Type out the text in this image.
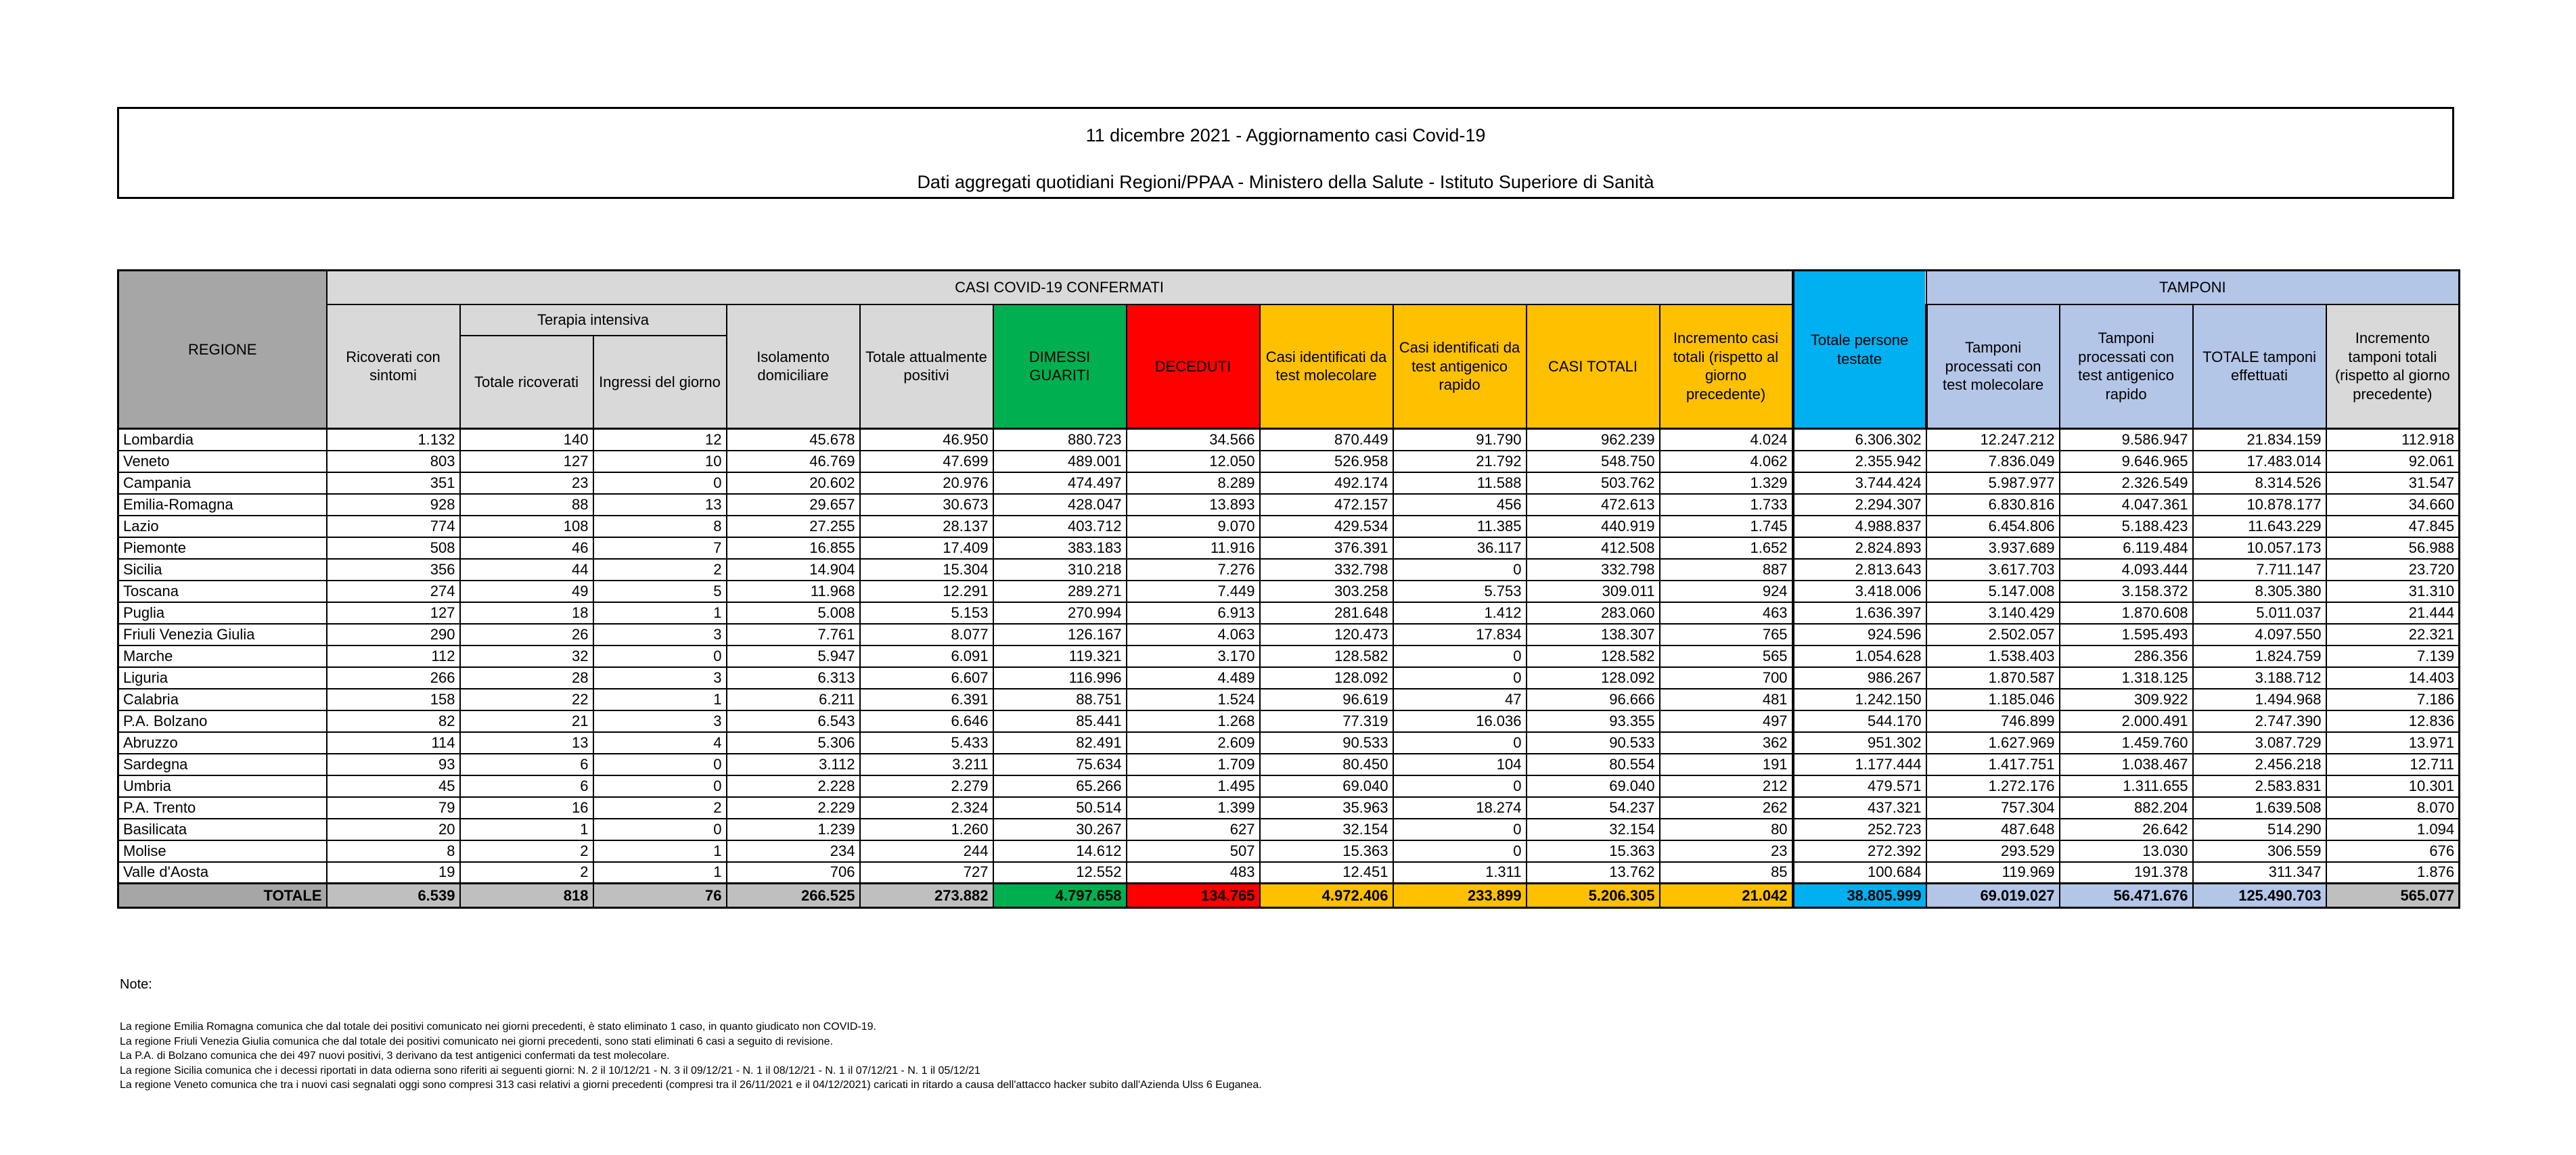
11 dicembre 2021 - Aggiornamento casi Covid-19
Dati aggregati quotidiani Regioni/PPAA - Ministero della Salute - Istituto Superiore di Sanità
REGIONE	CASI COVID-19 CONFERMATI											Totale persone testate	TAMPONI			
	Ricoverati con sintomi	Terapia intensiva		Isolamento domiciliare	Totale attualmente positivi	DIMESSI GUARITI	DECEDUTI	Casi identificati da test molecolare	Casi identificati da test antigenico rapido	CASI TOTALI	Incremento casi totali (rispetto al giorno precedente)		Tamponi processati con test molecolare	Tamponi processati con test antigenico rapido	TOTALE tamponi effettuati	Incremento tamponi totali (rispetto al giorno precedente)
		Totale ricoverati	Ingressi del giorno													
Lombardia	1.132	140	12	45.678	46.950	880.723	34.566	870.449	91.790	962.239	4.024	6.306.302	12.247.212	9.586.947	21.834.159	112.918
Veneto	803	127	10	46.769	47.699	489.001	12.050	526.958	21.792	548.750	4.062	2.355.942	7.836.049	9.646.965	17.483.014	92.061
Campania	351	23	0	20.602	20.976	474.497	8.289	492.174	11.588	503.762	1.329	3.744.424	5.987.977	2.326.549	8.314.526	31.547
Emilia-Romagna	928	88	13	29.657	30.673	428.047	13.893	472.157	456	472.613	1.733	2.294.307	6.830.816	4.047.361	10.878.177	34.660
Lazio	774	108	8	27.255	28.137	403.712	9.070	429.534	11.385	440.919	1.745	4.988.837	6.454.806	5.188.423	11.643.229	47.845
Piemonte	508	46	7	16.855	17.409	383.183	11.916	376.391	36.117	412.508	1.652	2.824.893	3.937.689	6.119.484	10.057.173	56.988
Sicilia	356	44	2	14.904	15.304	310.218	7.276	332.798	0	332.798	887	2.813.643	3.617.703	4.093.444	7.711.147	23.720
Toscana	274	49	5	11.968	12.291	289.271	7.449	303.258	5.753	309.011	924	3.418.006	5.147.008	3.158.372	8.305.380	31.310
Puglia	127	18	1	5.008	5.153	270.994	6.913	281.648	1.412	283.060	463	1.636.397	3.140.429	1.870.608	5.011.037	21.444
Friuli Venezia Giulia	290	26	3	7.761	8.077	126.167	4.063	120.473	17.834	138.307	765	924.596	2.502.057	1.595.493	4.097.550	22.321
Marche	112	32	0	5.947	6.091	119.321	3.170	128.582	0	128.582	565	1.054.628	1.538.403	286.356	1.824.759	7.139
Liguria	266	28	3	6.313	6.607	116.996	4.489	128.092	0	128.092	700	986.267	1.870.587	1.318.125	3.188.712	14.403
Calabria	158	22	1	6.211	6.391	88.751	1.524	96.619	47	96.666	481	1.242.150	1.185.046	309.922	1.494.968	7.186
P.A. Bolzano	82	21	3	6.543	6.646	85.441	1.268	77.319	16.036	93.355	497	544.170	746.899	2.000.491	2.747.390	12.836
Abruzzo	114	13	4	5.306	5.433	82.491	2.609	90.533	0	90.533	362	951.302	1.627.969	1.459.760	3.087.729	13.971
Sardegna	93	6	0	3.112	3.211	75.634	1.709	80.450	104	80.554	191	1.177.444	1.417.751	1.038.467	2.456.218	12.711
Umbria	45	6	0	2.228	2.279	65.266	1.495	69.040	0	69.040	212	479.571	1.272.176	1.311.655	2.583.831	10.301
P.A. Trento	79	16	2	2.229	2.324	50.514	1.399	35.963	18.274	54.237	262	437.321	757.304	882.204	1.639.508	8.070
Basilicata	20	1	0	1.239	1.260	30.267	627	32.154	0	32.154	80	252.723	487.648	26.642	514.290	1.094
Molise	8	2	1	234	244	14.612	507	15.363	0	15.363	23	272.392	293.529	13.030	306.559	676
Valle d'Aosta	19	2	1	706	727	12.552	483	12.451	1.311	13.762	85	100.684	119.969	191.378	311.347	1.876
TOTALE	6.539	818	76	266.525	273.882	4.797.658	134.765	4.972.406	233.899	5.206.305	21.042	38.805.999	69.019.027	56.471.676	125.490.703	565.077
Note:
La regione Emilia Romagna comunica che dal totale dei positivi comunicato nei giorni precedenti, è stato eliminato 1 caso, in quanto giudicato non COVID-19.
La regione Friuli Venezia Giulia comunica che dal totale dei positivi comunicato nei giorni precedenti, sono stati eliminati 6 casi a seguito di revisione.
La P.A. di Bolzano comunica che dei 497 nuovi positivi, 3 derivano da test antigenici confermati da test molecolare.
La regione Sicilia comunica che i decessi riportati in data odierna sono riferiti ai seguenti giorni: N. 2 il 10/12/21 - N. 3 il 09/12/21 - N. 1 il 08/12/21 - N. 1 il 07/12/21 - N. 1 il 05/12/21
La regione Veneto comunica che tra i nuovi casi segnalati oggi sono compresi 313 casi relativi a giorni precedenti (compresi tra il 26/11/2021 e il 04/12/2021) caricati in ritardo a causa dell'attacco hacker subito dall'Azienda Ulss 6 Euganea.
